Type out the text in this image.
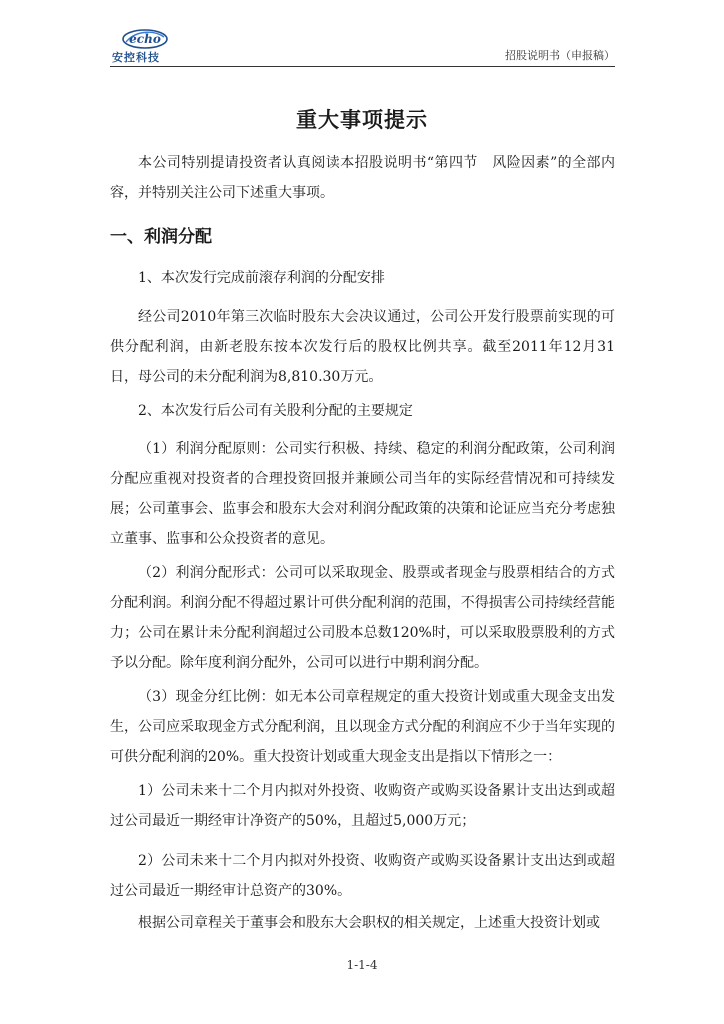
echo
安控科技	招股说明书（申报稿）
重大事项提示

本公司特别提请投资者认真阅读本招股说明书“第四节　风险因素”的全部内容，并特别关注公司下述重大事项。

一、利润分配

1、本次发行完成前滚存利润的分配安排

经公司2010年第三次临时股东大会决议通过，公司公开发行股票前实现的可供分配利润，由新老股东按本次发行后的股权比例共享。截至2011年12月31日，母公司的未分配利润为8,810.30万元。

2、本次发行后公司有关股利分配的主要规定

（1）利润分配原则：公司实行积极、持续、稳定的利润分配政策，公司利润分配应重视对投资者的合理投资回报并兼顾公司当年的实际经营情况和可持续发展；公司董事会、监事会和股东大会对利润分配政策的决策和论证应当充分考虑独立董事、监事和公众投资者的意见。

（2）利润分配形式：公司可以采取现金、股票或者现金与股票相结合的方式分配利润。利润分配不得超过累计可供分配利润的范围，不得损害公司持续经营能力；公司在累计未分配利润超过公司股本总数120%时，可以采取股票股利的方式予以分配。除年度利润分配外，公司可以进行中期利润分配。

（3）现金分红比例：如无本公司章程规定的重大投资计划或重大现金支出发生，公司应采取现金方式分配利润，且以现金方式分配的利润应不少于当年实现的可供分配利润的20%。重大投资计划或重大现金支出是指以下情形之一：

1）公司未来十二个月内拟对外投资、收购资产或购买设备累计支出达到或超过公司最近一期经审计净资产的50%，且超过5,000万元；

2）公司未来十二个月内拟对外投资、收购资产或购买设备累计支出达到或超过公司最近一期经审计总资产的30%。

根据公司章程关于董事会和股东大会职权的相关规定，上述重大投资计划或

1-1-4
